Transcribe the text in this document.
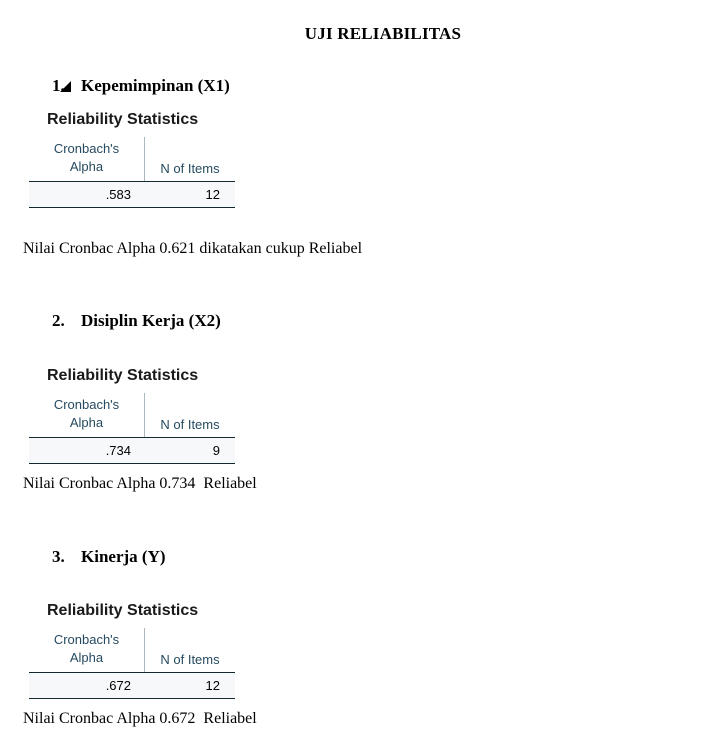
UJI RELIABILITAS
1. Kepemimpinan (X1)
Reliability Statistics
Cronbach's
Alpha	N of Items
.583	12
Nilai Cronbac Alpha 0.621 dikatakan cukup Reliabel
2. Disiplin Kerja (X2)
Reliability Statistics
Cronbach's
Alpha	N of Items
.734	9
Nilai Cronbac Alpha 0.734  Reliabel
3. Kinerja (Y)
Reliability Statistics
Cronbach's
Alpha	N of Items
.672	12
Nilai Cronbac Alpha 0.672  Reliabel
